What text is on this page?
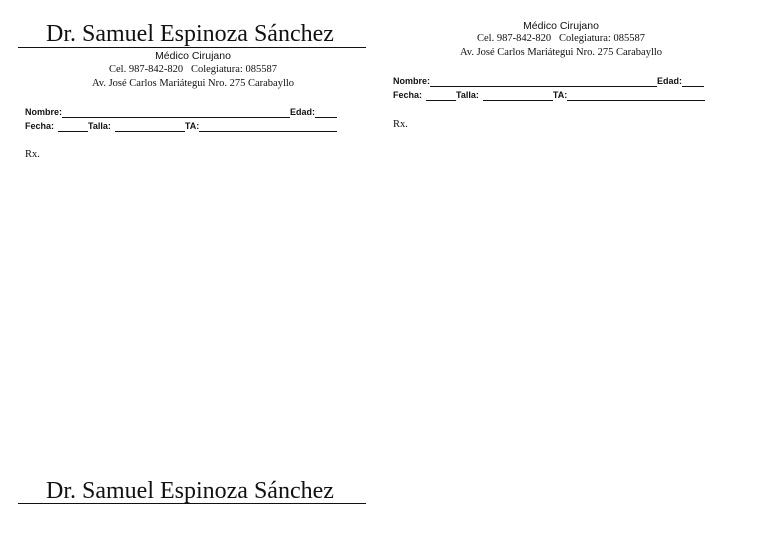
Dr. Samuel Espinoza Sánchez
Médico Cirujano
Cel. 987-842-820 Colegiatura: 085587
Av. José Carlos Mariátegui Nro. 275 Carabayllo
Nombre:	Edad:
Fecha:	Talla:	TA:
Rx.
Médico Cirujano
Cel. 987-842-820 Colegiatura: 085587
Av. José Carlos Mariátegui Nro. 275 Carabayllo
Nombre:	Edad:
Fecha:	Talla:	TA:
Rx.
Dr. Samuel Espinoza Sánchez
